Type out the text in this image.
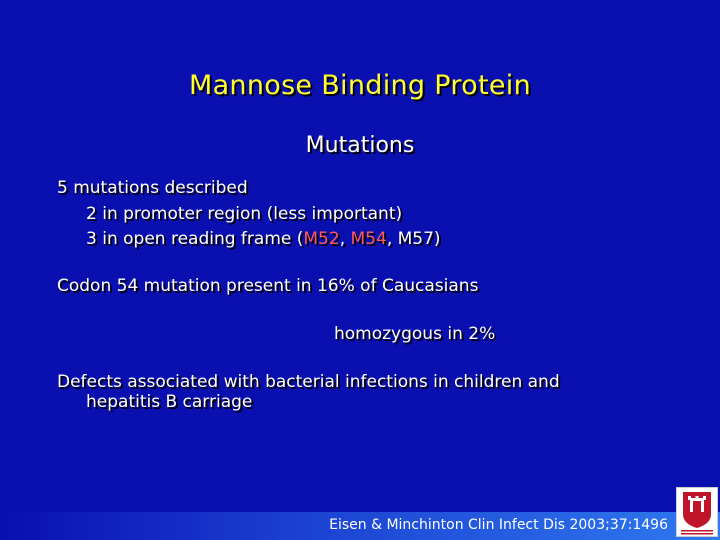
Mannose Binding Protein
Mutations
5 mutations described
2 in promoter region (less important)
3 in open reading frame (M52, M54, M57)
Codon 54 mutation present in 16% of Caucasians
homozygous in 2%
Defects associated with bacterial infections in children and
hepatitis B carriage
Eisen & Minchinton Clin Infect Dis 2003;37:1496
